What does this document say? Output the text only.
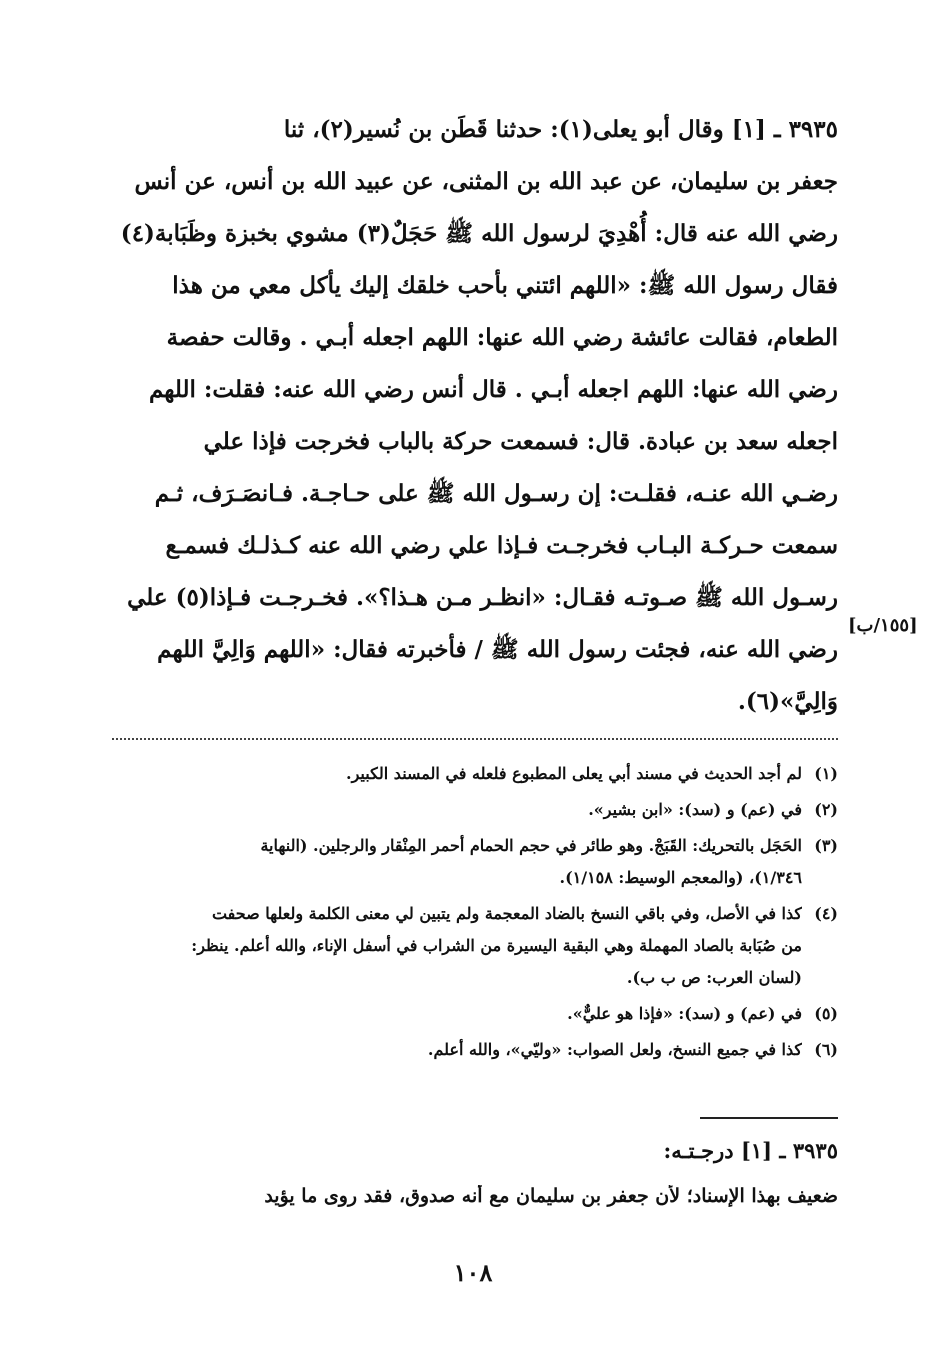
٣٩٣٥ ـ [١] وقال أبو يعلى(١): حدثنا قَطَن بن نُسير(٢)، ثنا
جعفر بن سليمان، عن عبد الله بن المثنى، عن عبيد الله بن أنس، عن أنس
رضي الله عنه قال: أُهْدِيَ لرسول الله ﷺ حَجَلٌ(٣) مشوي بخبزة وظَبَابة(٤)
فقال رسول الله ﷺ: «اللهم ائتني بأحب خلقك إليك يأكل معي من هذا
الطعام، فقالت عائشة رضي الله عنها: اللهم اجعله أبـي . وقالت حفصة
رضي الله عنها: اللهم اجعله أبـي . قال أنس رضي الله عنه: فقلت: اللهم
اجعله سعد بن عبادة. قال: فسمعت حركة بالباب فخرجت فإذا علي
رضـي الله عنـه، فقلـت: إن رسـول الله ﷺ على حـاجـة. فـانصَـرَف، ثـم
سمعت حـركـة البـاب فخرجـت فـإذا علي رضي الله عنه كـذلـك فسمـع
رسـول الله ﷺ صـوتـه فقـال: «انظـر مـن هـذا؟». فخـرجـت فـإذا(٥) علي
رضي الله عنه، فجئت رسول الله ﷺ / فأخبرته فقال: «اللهم وَالِيَّ اللهم
وَالِيَّ»(٦).
[١٥٥/ب]
(١)
لم أجد الحديث في مسند أبي يعلى المطبوع فلعله في المسند الكبير.
(٢)
في (عم) و (سد): «ابن بشير».
(٣)
الحَجَل بالتحريك: القَبَجْ. وهو طائر في حجم الحمام أحمر المِنْقار والرجلين. (النهاية
١/٣٤٦)، (والمعجم الوسيط: ١/١٥٨).
(٤)
كذا في الأصل، وفي باقي النسخ بالضاد المعجمة ولم يتبين لي معنى الكلمة ولعلها صحفت
من صُبَابة بالصاد المهملة وهي البقية اليسيرة من الشراب في أسفل الإناء، والله أعلم. ينظر:
(لسان العرب: ص ب ب).
(٥)
في (عم) و (سد): «فإذا هو عليٌّ».
(٦)
كذا في جميع النسخ، ولعل الصواب: «وليّي»، والله أعلم.
٣٩٣٥ ـ [١] درجـتـه:
ضعيف بهذا الإسناد؛ لأن جعفر بن سليمان مع أنه صدوق، فقد روى ما يؤيد
١٠٨
